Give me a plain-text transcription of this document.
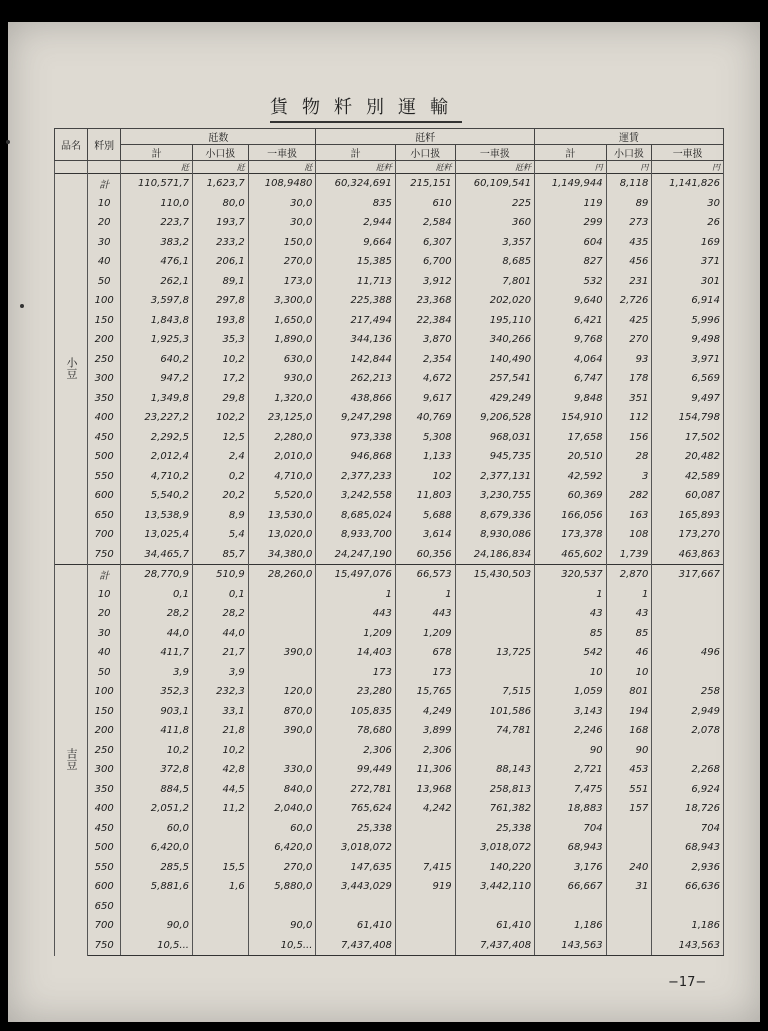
貨物粁別運輸
品名	粁別	瓩数			瓩粁			運賃		
		計	小口扱	一車扱	計	小口扱	一車扱	計	小口扱	一車扱
		瓩	瓩	瓩	瓩粁	瓩粁	瓩粁	円	円	円
小豆	計	110,571,7	1,623,7	108,9480	60,324,691	215,151	60,109,541	1,149,944	8,118	1,141,826
	10	110,0	80,0	30,0	835	610	225	119	89	30
	20	223,7	193,7	30,0	2,944	2,584	360	299	273	26
	30	383,2	233,2	150,0	9,664	6,307	3,357	604	435	169
	40	476,1	206,1	270,0	15,385	6,700	8,685	827	456	371
	50	262,1	89,1	173,0	11,713	3,912	7,801	532	231	301
	100	3,597,8	297,8	3,300,0	225,388	23,368	202,020	9,640	2,726	6,914
	150	1,843,8	193,8	1,650,0	217,494	22,384	195,110	6,421	425	5,996
	200	1,925,3	35,3	1,890,0	344,136	3,870	340,266	9,768	270	9,498
	250	640,2	10,2	630,0	142,844	2,354	140,490	4,064	93	3,971
	300	947,2	17,2	930,0	262,213	4,672	257,541	6,747	178	6,569
	350	1,349,8	29,8	1,320,0	438,866	9,617	429,249	9,848	351	9,497
	400	23,227,2	102,2	23,125,0	9,247,298	40,769	9,206,528	154,910	112	154,798
	450	2,292,5	12,5	2,280,0	973,338	5,308	968,031	17,658	156	17,502
	500	2,012,4	2,4	2,010,0	946,868	1,133	945,735	20,510	28	20,482
	550	4,710,2	0,2	4,710,0	2,377,233	102	2,377,131	42,592	3	42,589
	600	5,540,2	20,2	5,520,0	3,242,558	11,803	3,230,755	60,369	282	60,087
	650	13,538,9	8,9	13,530,0	8,685,024	5,688	8,679,336	166,056	163	165,893
	700	13,025,4	5,4	13,020,0	8,933,700	3,614	8,930,086	173,378	108	173,270
	750	34,465,7	85,7	34,380,0	24,247,190	60,356	24,186,834	465,602	1,739	463,863
吉豆	計	28,770,9	510,9	28,260,0	15,497,076	66,573	15,430,503	320,537	2,870	317,667
	10	0,1	0,1		1	1		1	1	
	20	28,2	28,2		443	443		43	43	
	30	44,0	44,0		1,209	1,209		85	85	
	40	411,7	21,7	390,0	14,403	678	13,725	542	46	496
	50	3,9	3,9		173	173		10	10	
	100	352,3	232,3	120,0	23,280	15,765	7,515	1,059	801	258
	150	903,1	33,1	870,0	105,835	4,249	101,586	3,143	194	2,949
	200	411,8	21,8	390,0	78,680	3,899	74,781	2,246	168	2,078
	250	10,2	10,2		2,306	2,306		90	90	
	300	372,8	42,8	330,0	99,449	11,306	88,143	2,721	453	2,268
	350	884,5	44,5	840,0	272,781	13,968	258,813	7,475	551	6,924
	400	2,051,2	11,2	2,040,0	765,624	4,242	761,382	18,883	157	18,726
	450	60,0		60,0	25,338		25,338	704		704
	500	6,420,0		6,420,0	3,018,072		3,018,072	68,943		68,943
	550	285,5	15,5	270,0	147,635	7,415	140,220	3,176	240	2,936
	600	5,881,6	1,6	5,880,0	3,443,029	919	3,442,110	66,667	31	66,636
	650									
	700	90,0		90,0	61,410		61,410	1,186		1,186
	750	10,5...		10,5...	7,437,408		7,437,408	143,563		143,563
−17−
